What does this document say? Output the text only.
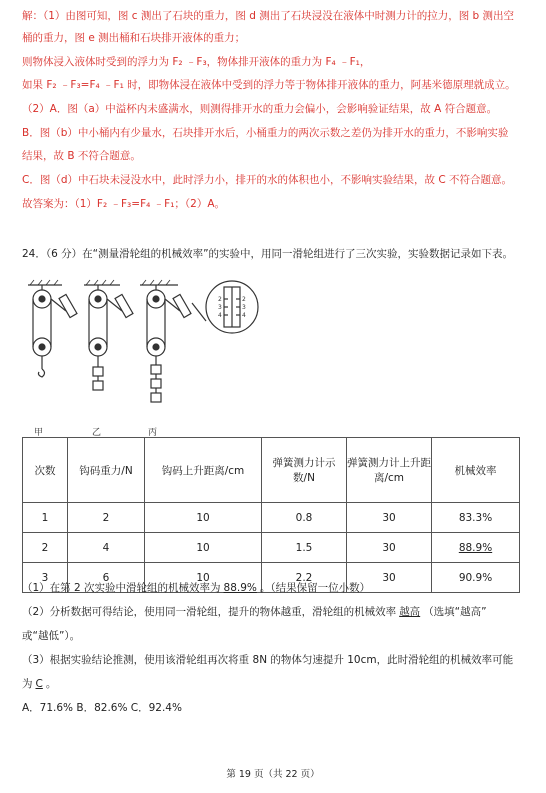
解：（1）由图可知，图 c 测出了石块的重力，图 d 测出了石块浸没在液体中时测力计的拉力，图 b 测出空
桶的重力，图 e 测出桶和石块排开液体的重力；
则物体浸入液体时受到的浮力为 F₂ ﹣F₃，物体排开液体的重力为 F₄ ﹣F₁，
如果 F₂ ﹣F₃=F₄ ﹣F₁ 时，即物体浸在液体中受到的浮力等于物体排开液体的重力，阿基米德原理就成立。
（2）A．图（a）中溢杯内未盛满水，则测得排开水的重力会偏小，会影响验证结果，故 A 符合题意。
B．图（b）中小桶内有少量水，石块排开水后，小桶重力的两次示数之差仍为排开水的重力，不影响实验
结果，故 B 不符合题意。
C．图（d）中石块未浸没水中，此时浮力小，排开的水的体积也小，不影响实验结果，故 C 不符合题意。
故答案为：（1）F₂ ﹣F₃=F₄ ﹣F₁；（2）A。
24．（6 分）在“测量滑轮组的机械效率”的实验中，用同一滑轮组进行了三次实验，实验数据记录如下表。
2
3
4
2
3
4
甲	乙	丙
次数	钩码重力/N	钩码上升距离/cm	弹簧测力计示数/N	弹簧测力计上升距离/cm	机械效率
1	2	10	0.8	30	83.3%
2	4	10	1.5	30	88.9%
3	6	10	2.2	30	90.9%
（1）在第 2 次实验中滑轮组的机械效率为 88.9% 。（结果保留一位小数）
（2）分析数据可得结论，使用同一滑轮组，提升的物体越重，滑轮组的机械效率 越高 （选填“越高”
或“越低”）。
（3）根据实验结论推测，使用该滑轮组再次将重 8N 的物体匀速提升 10cm，此时滑轮组的机械效率可能
为 C 。
A．71.6% B．82.6% C．92.4%
第 19 页（共 22 页）
